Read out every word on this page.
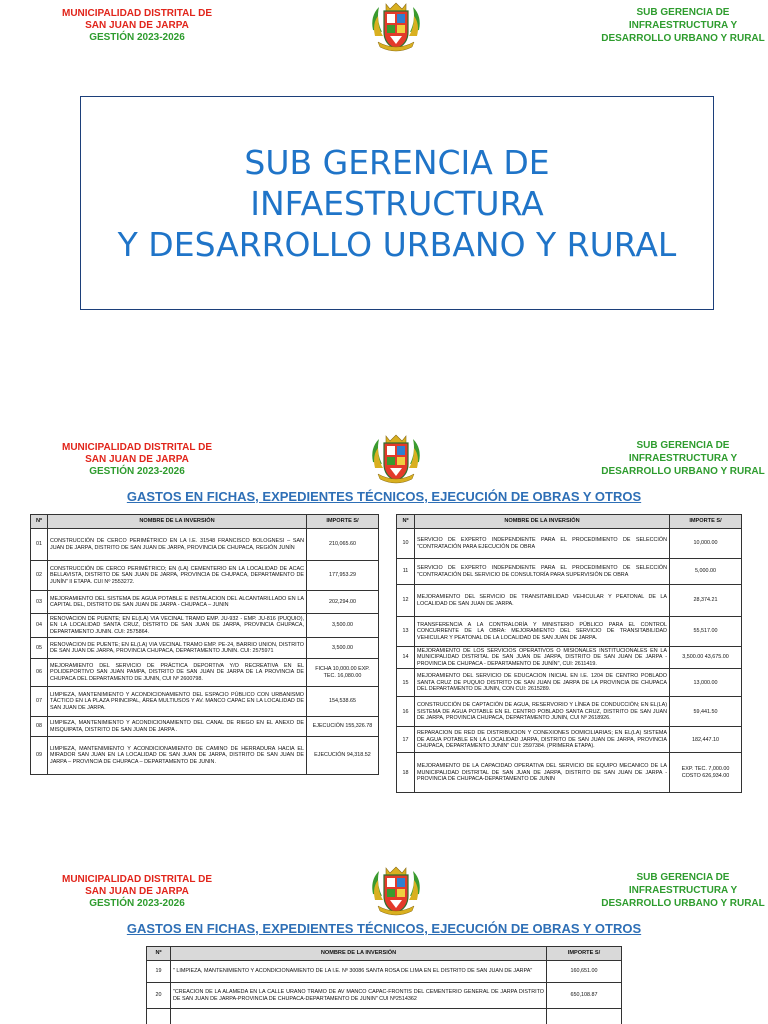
MUNICIPALIDAD DISTRITAL DE
SAN JUAN DE JARPA
GESTIÓN 2023-2026
SUB GERENCIA DE
INFRAESTRUCTURA Y
DESARROLLO URBANO Y RURAL
SUB GERENCIA DE
INFAESTRUCTURA
Y DESARROLLO URBANO Y RURAL
MUNICIPALIDAD DISTRITAL DE
SAN JUAN DE JARPA
GESTIÓN 2023-2026
SUB GERENCIA DE
INFRAESTRUCTURA Y
DESARROLLO URBANO Y RURAL
GASTOS EN FICHAS, EXPEDIENTES TÉCNICOS, EJECUCIÓN DE OBRAS Y OTROS
Nº	NOMBRE DE LA INVERSIÓN	IMPORTE S/
01	CONSTRUCCIÓN DE CERCO PERIMÉTRICO EN LA I.E. 31548 FRANCISCO BOLOGNESI – SAN JUAN DE JARPA, DISTRITO DE SAN JUAN DE JARPA, PROVINCIA DE CHUPACA, REGIÓN JUNÍN	210,065.60
02	CONSTRUCCIÓN DE CERCO PERIMÉTRICO; EN (LA) CEMENTERIO EN LA LOCALIDAD DE ACAC BELLAVISTA, DISTRITO DE SAN JUAN DE JARPA, PROVINCIA DE CHUPACA, DEPARTAMENTO DE JUNÍN" II ETAPA. CUI Nº 2553272.	177,953.29
03	MEJORAMIENTO DEL SISTEMA DE AGUA POTABLE E INSTALACION DEL ALCANTARILLADO EN LA CAPITAL DEL, DISTRITO DE SAN JUAN DE JARPA - CHUPACA – JUNIN	202,294.00
04	RENOVACION DE PUENTE; EN EL(LA) VIA VECINAL TRAMO EMP. JU-932 - EMP. JU-816 (PUQUIO), EN LA LOCALIDAD SANTA CRUZ, DISTRITO DE SAN JUAN DE JARPA, PROVINCIA CHUPACA, DEPARTAMENTO JUNIN. CUI: 2575864.	3,500.00
05	RENOVACION DE PUENTE; EN EL(LA) VIA VECINAL TRAMO EMP. PE-24, BARRIO UNION, DISTRITO DE SAN JUAN DE JARPA, PROVINCIA CHUPACA, DEPARTAMENTO JUNIN. CUI: 2575971	3,500.00
06	MEJORAMIENTO DEL SERVICIO DE PRÁCTICA DEPORTIVA Y/O RECREATIVA EN EL POLIDEPORTIVO SAN JUAN PAMPA, DISTRITO DE SAN JUAN DE JARPA DE LA PROVINCIA DE CHUPACA DEL DEPARTAMENTO DE JUNIN, CUI Nº 2600798.	FICHA 10,000.00 EXP. TEC. 16,080.00
07	LIMPIEZA, MANTENIMIENTO Y ACONDICIONAMIENTO DEL ESPACIO PÚBLICO CON URBANISMO TÁCTICO EN LA PLAZA PRINCIPAL, ÁREA MULTIUSOS Y AV. MANCO CAPAC EN LA LOCALIDAD DE SAN JUAN DE JARPA.	154,538.65
08	LIMPIEZA, MANTENIMIENTO Y ACONDICIONAMIENTO DEL CANAL DE RIEGO EN EL ANEXO DE MISQUIPATA, DISTRITO DE SAN JUAN DE JARPA .	EJECUCIÓN 155,326.78
09	LIMPIEZA, MANTENIMIENTO Y ACONDICIONAMIENTO DE CAMINO DE HERRADURA HACIA EL MIRADOR SAN JUAN EN LA LOCALIDAD DE SAN JUAN DE JARPA, DISTRITO DE SAN JUAN DE JARPA – PROVINCIA DE CHUPACA – DEPARTAMENTO DE JUNIN.	EJECUCIÓN 94,318.52
Nº	NOMBRE DE LA INVERSIÓN	IMPORTE S/
10	SERVICIO DE EXPERTO INDEPENDIENTE PARA EL PROCEDIMIENTO DE SELECCIÓN "CONTRATACIÓN PARA EJECUCIÓN DE OBRA	10,000.00
11	SERVICIO DE EXPERTO INDEPENDIENTE PARA EL PROCEDIMIENTO DE SELECCIÓN "CONTRATACIÓN DEL SERVICIO DE CONSULTORÍA PARA SUPERVISIÓN DE OBRA	5,000.00
12	MEJORAMIENTO DEL SERVICIO DE TRANSITABILIDAD VEHICULAR Y PEATONAL DE LA LOCALIDAD DE SAN JUAN DE JARPA.	28,374.21
13	TRANSFERENCIA A LA CONTRALORÍA Y MINISTERIO PÚBLICO PARA EL CONTROL CONCURRENTE DE LA OBRA: MEJORAMIENTO DEL SERVICIO DE TRANSITABILIDAD VEHICULAR Y PEATONAL DE LA LOCALIDAD DE SAN JUAN DE JARPA.	55,517.00
14	MEJORAMIENTO DE LOS SERVICIOS OPERATIVOS O MISIONALES INSTITUCIONALES EN LA MUNICIPALIDAD DISTRITAL DE SAN JUAN DE JARPA, DISTRITO DE SAN JUAN DE JARPA - PROVINCIA DE CHUPACA - DEPARTAMENTO DE JUNÍN", CUI: 2611419.	3,500.00 43,675.00
15	MEJORAMIENTO DEL SERVICIO DE EDUCACION INICIAL EN I.E. 1204 DE CENTRO POBLADO SANTA CRUZ DE PUQUIO DISTRITO DE SAN JUAN DE JARPA DE LA PROVINCIA DE CHUPACA DEL DEPARTAMENTO DE JUNIN, CON CUI: 2615289.	13,000.00
16	CONSTRUCCIÓN DE CAPTACIÓN DE AGUA, RESERVORIO Y LÍNEA DE CONDUCCIÓN; EN EL(LA) SISTEMA DE AGUA POTABLE EN EL CENTRO POBLADO SANTA CRUZ, DISTRITO DE SAN JUAN DE JARPA, PROVINCIA CHUPACA, DEPARTAMENTO JUNIN, CUI Nº 2618926.	59,441.50
17	REPARACION DE RED DE DISTRIBUCION Y CONEXIONES DOMICILIARIAS; EN EL(LA) SISTEMA DE AGUA POTABLE EN LA LOCALIDAD JARPA, DISTRITO DE SAN JUAN DE JARPA, PROVINCIA CHUPACA, DEPARTAMENTO JUNIN" CUI: 2597384. (PRIMERA ETAPA).	182,447.10
18	MEJORAMIENTO DE LA CAPACIDAD OPERATIVA DEL SERVICIO DE EQUIPO MECANICO DE LA MUNICIPALIDAD DISTRITAL DE SAN JUAN DE JARPA, DISTRITO DE SAN JUAN DE JARPA - PROVINCIA DE CHUPACA-DEPARTAMENTO DE JUNIN	EXP. TEC. 7,000.00 COSTO 626,934.00
MUNICIPALIDAD DISTRITAL DE
SAN JUAN DE JARPA
GESTIÓN 2023-2026
SUB GERENCIA DE
INFRAESTRUCTURA Y
DESARROLLO URBANO Y RURAL
GASTOS EN FICHAS, EXPEDIENTES TÉCNICOS, EJECUCIÓN DE OBRAS Y OTROS
Nº	NOMBRE DE LA INVERSIÓN	IMPORTE S/
19	" LIMPIEZA, MANTENIMIENTO Y ACONDICIONAMIENTO DE LA I.E. Nº 30086 SANTA ROSA DE LIMA EN EL DISTRITO DE SAN JUAN DE JARPA"	160,651.00
20	"CREACION DE LA ALAMEDA EN LA CALLE URANO TRAMO DE AV MANCO CAPAC-FRONTIS DEL CEMENTERIO GENERAL DE JARPA DISTRITO DE SAN JUAN DE JARPA-PROVINCIA DE CHUPACA-DEPARTAMENTO DE JUNIN" CUI Nº2514362	650,108.87
